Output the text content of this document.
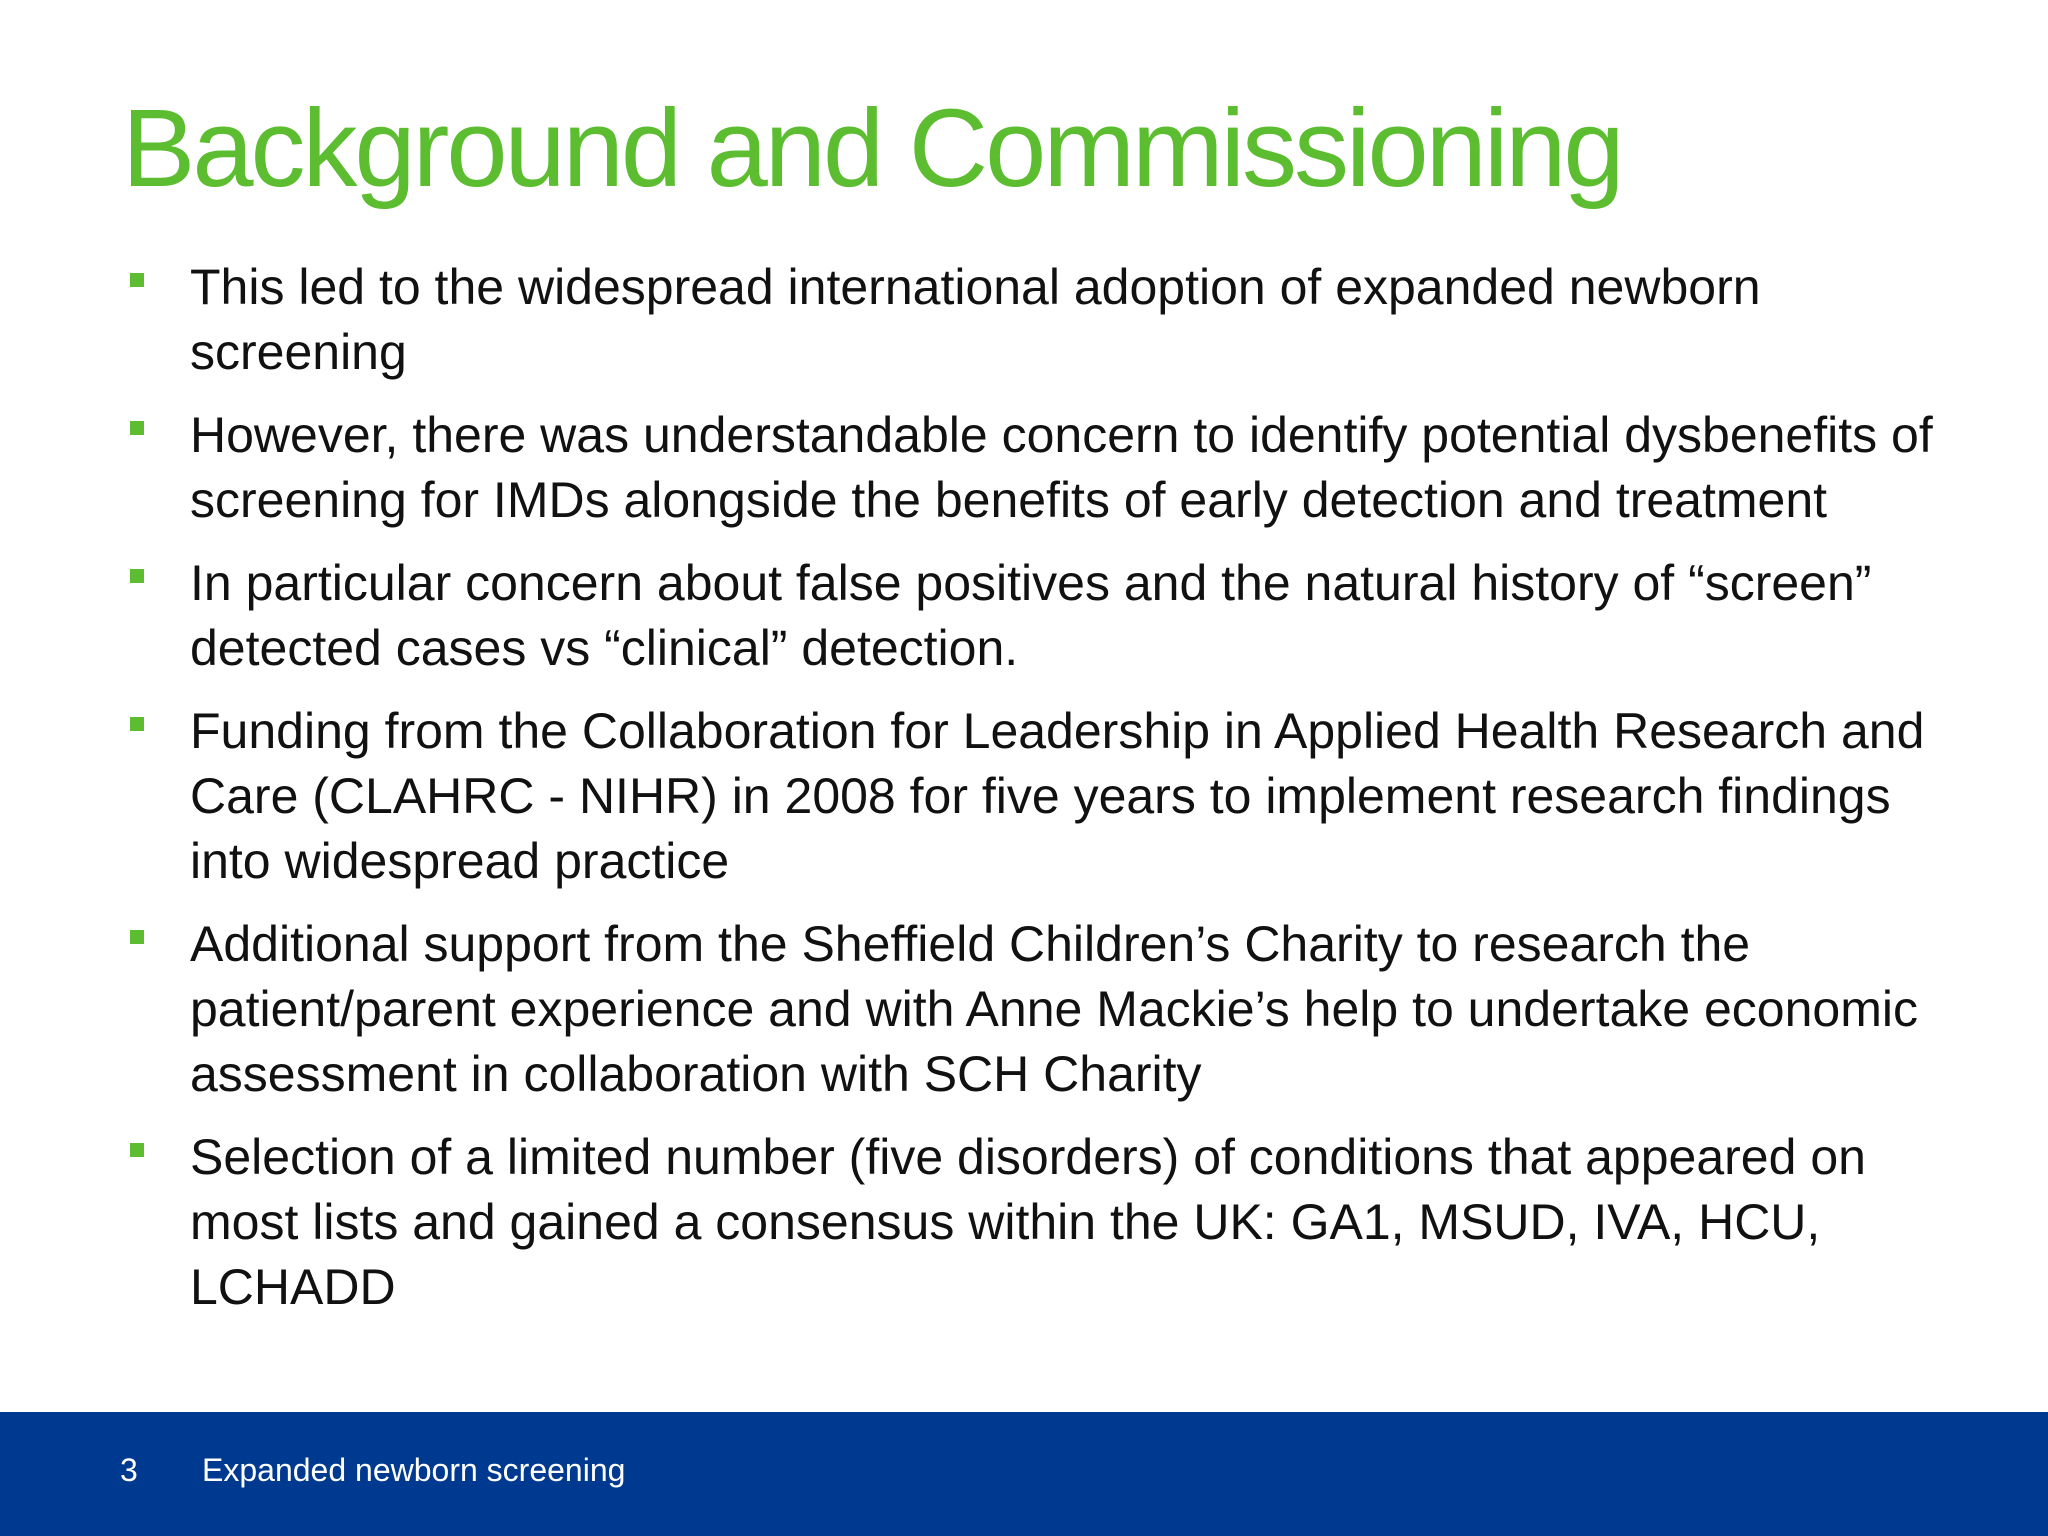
Background and Commissioning
This led to the widespread international adoption of expanded newborn screening
However, there was understandable concern to identify potential dysbenefits of screening for IMDs alongside the benefits of early detection and treatment
In particular concern about false positives and the natural history of “screen” detected cases vs “clinical” detection.
Funding from the Collaboration for Leadership in Applied Health Research and Care (CLAHRC - NIHR) in 2008 for five years to implement research findings into widespread practice
Additional support from the Sheffield Children’s Charity to research the patient/parent experience and with Anne Mackie’s help to undertake economic assessment in collaboration with SCH Charity
Selection of a limited number (five disorders) of conditions that appeared on most lists and gained a consensus within the UK: GA1, MSUD, IVA, HCU, LCHADD
3 Expanded newborn screening
